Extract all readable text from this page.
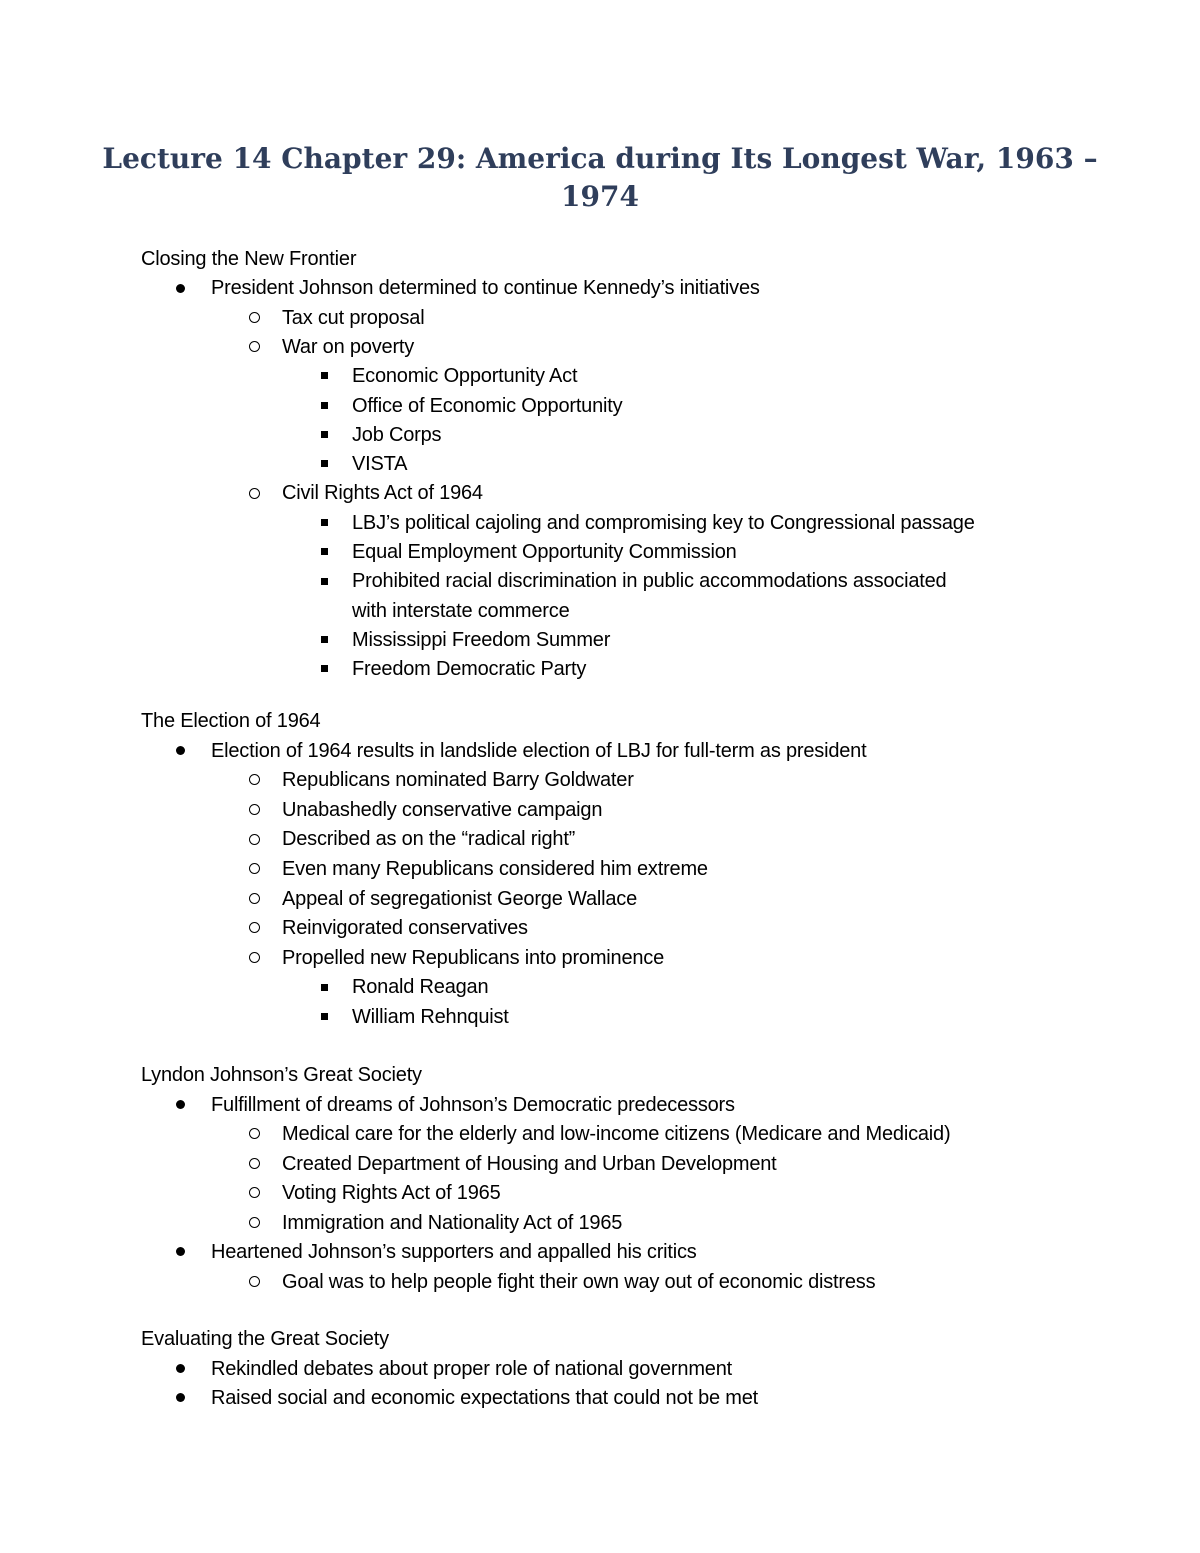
Lecture 14 Chapter 29: America during Its Longest War, 1963 – 1974
Closing the New Frontier
President Johnson determined to continue Kennedy’s initiatives
Tax cut proposal
War on poverty
Economic Opportunity Act
Office of Economic Opportunity
Job Corps
VISTA
Civil Rights Act of 1964
LBJ’s political cajoling and compromising key to Congressional passage
Equal Employment Opportunity Commission
Prohibited racial discrimination in public accommodations associated
with interstate commerce
Mississippi Freedom Summer
Freedom Democratic Party
The Election of 1964
Election of 1964 results in landslide election of LBJ for full-term as president
Republicans nominated Barry Goldwater
Unabashedly conservative campaign
Described as on the “radical right”
Even many Republicans considered him extreme
Appeal of segregationist George Wallace
Reinvigorated conservatives
Propelled new Republicans into prominence
Ronald Reagan
William Rehnquist
Lyndon Johnson’s Great Society
Fulfillment of dreams of Johnson’s Democratic predecessors
Medical care for the elderly and low-income citizens (Medicare and Medicaid)
Created Department of Housing and Urban Development
Voting Rights Act of 1965
Immigration and Nationality Act of 1965
Heartened Johnson’s supporters and appalled his critics
Goal was to help people fight their own way out of economic distress
Evaluating the Great Society
Rekindled debates about proper role of national government
Raised social and economic expectations that could not be met
